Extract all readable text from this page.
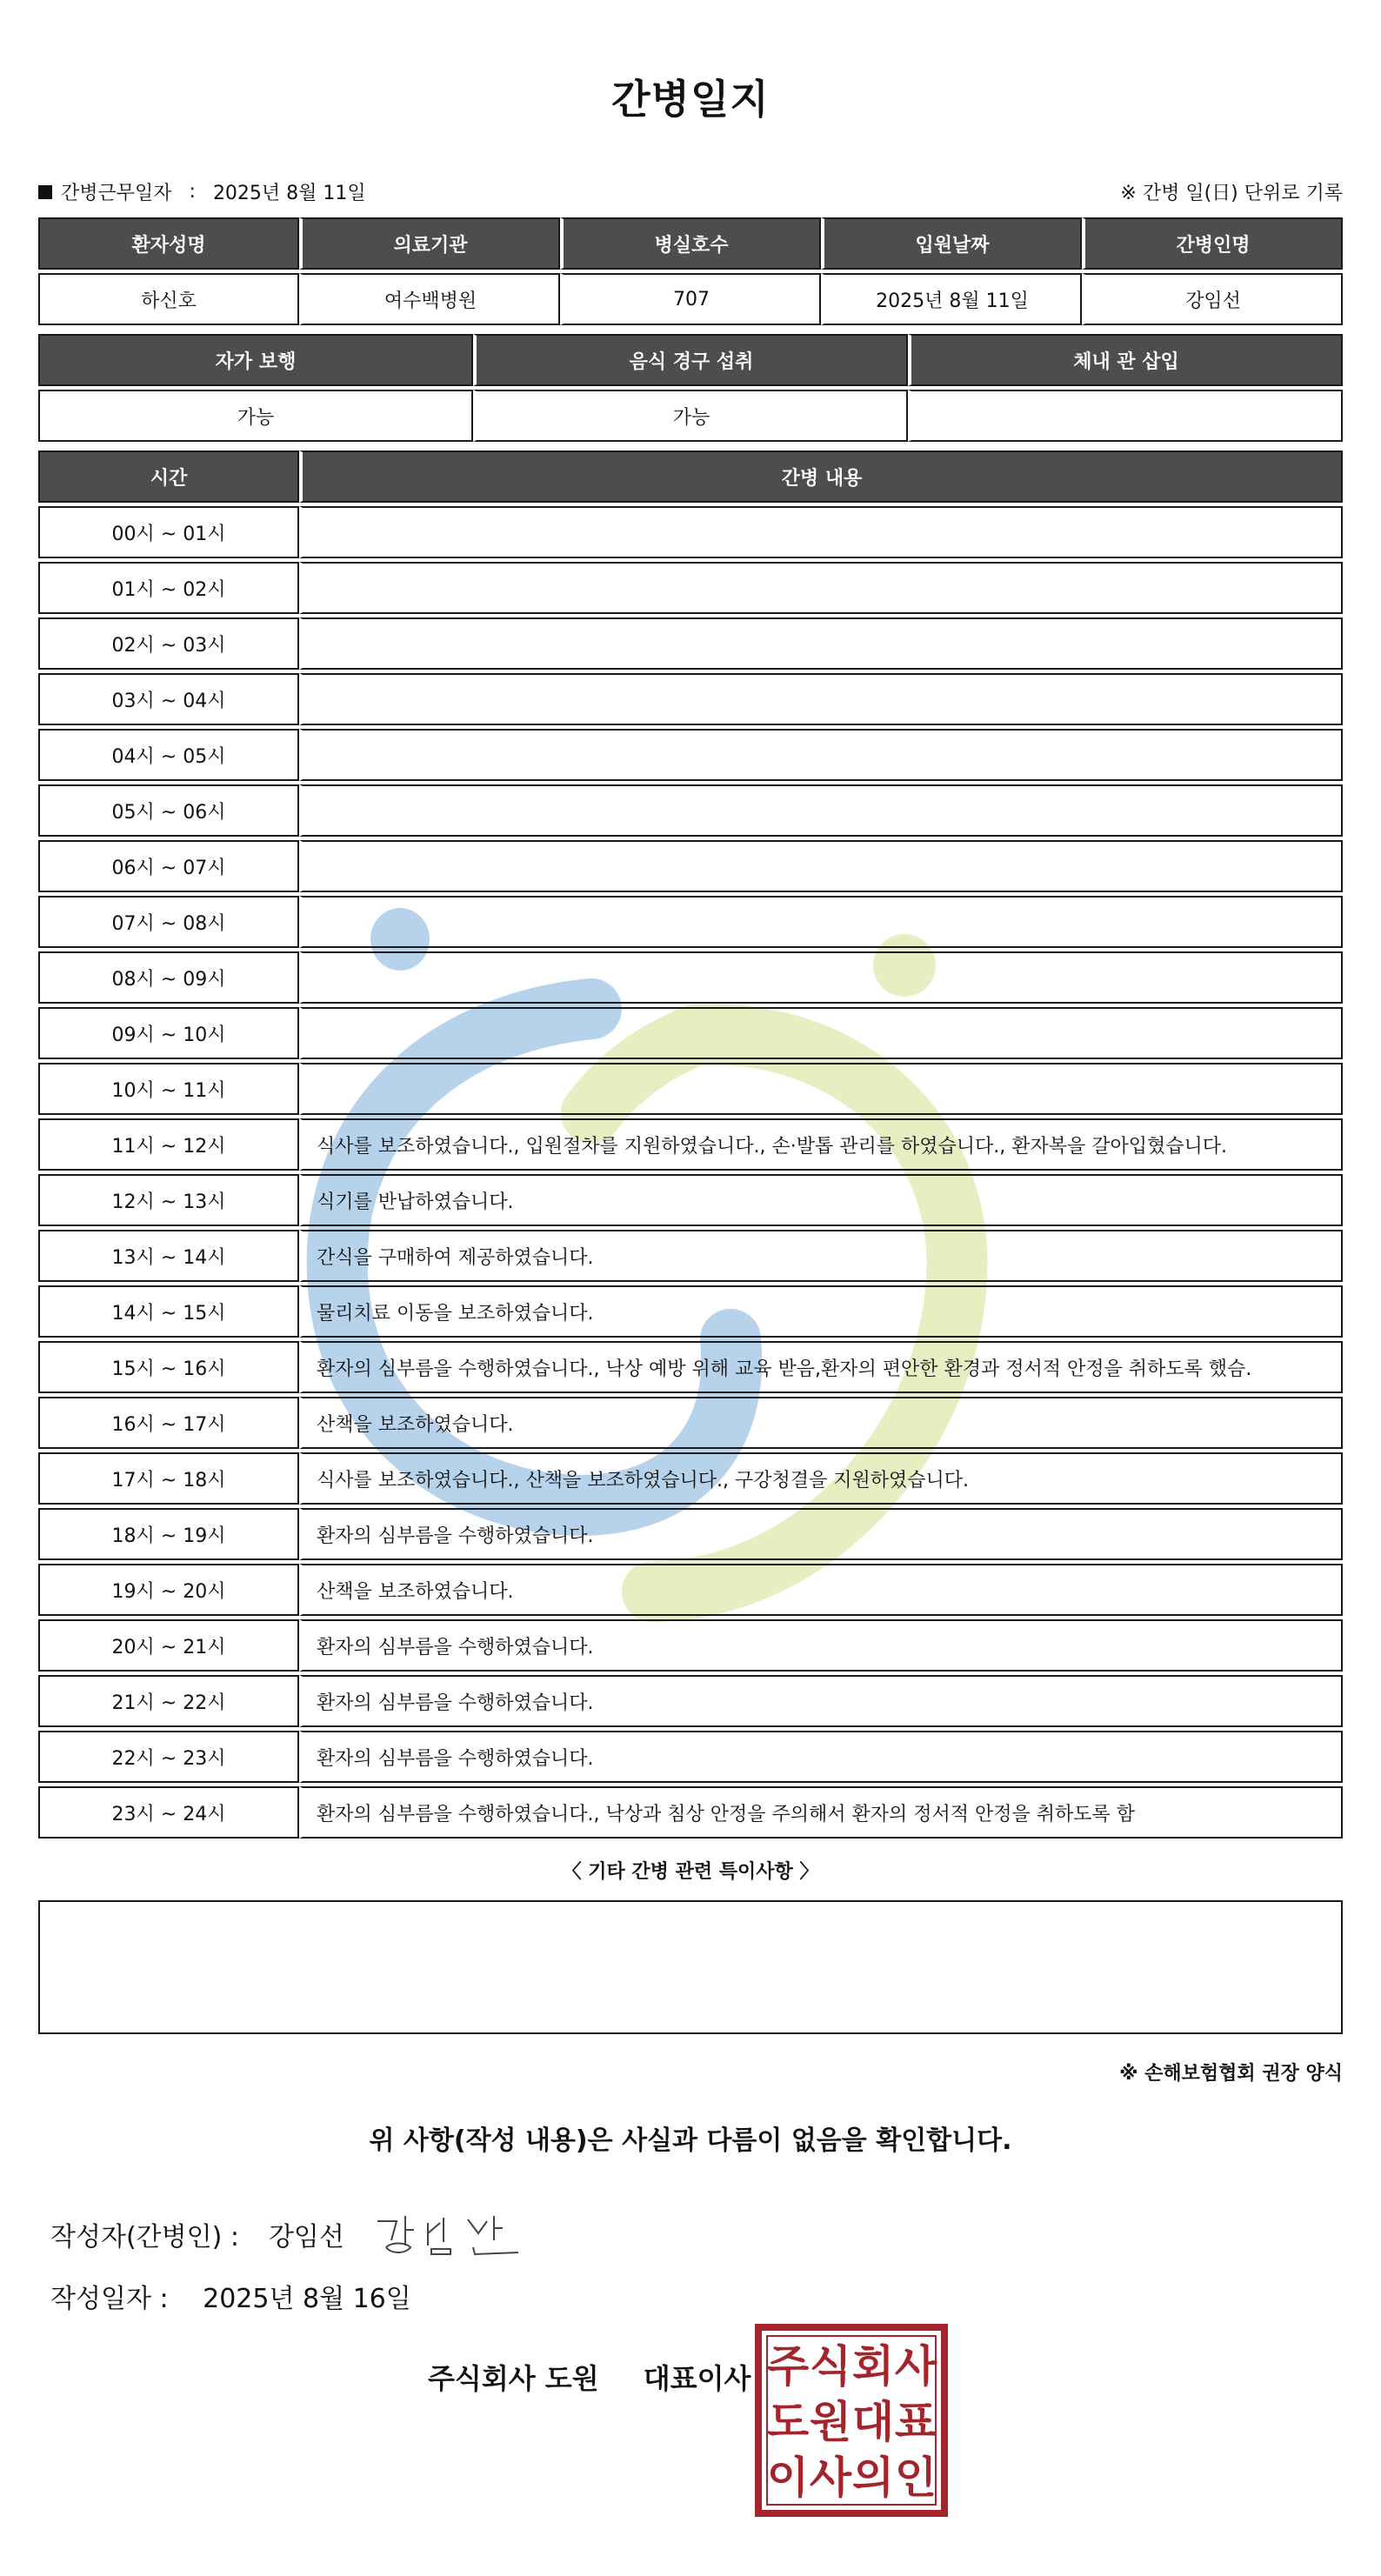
간병일지
간병근무일자 : 2025년 8월 11일	※ 간병 일(日) 단위로 기록
환자성명	의료기관	병실호수	입원날짜	간병인명
하신호	여수백병원	707	2025년 8월 11일	강임선
자가 보행	음식 경구 섭취	체내 관 삽입
가능	가능	
시간	간병 내용
00시 ~ 01시	
01시 ~ 02시	
02시 ~ 03시	
03시 ~ 04시	
04시 ~ 05시	
05시 ~ 06시	
06시 ~ 07시	
07시 ~ 08시	
08시 ~ 09시	
09시 ~ 10시	
10시 ~ 11시	
11시 ~ 12시	식사를 보조하였습니다., 입원절차를 지원하였습니다., 손·발톱 관리를 하였습니다., 환자복을 갈아입혔습니다.
12시 ~ 13시	식기를 반납하였습니다.
13시 ~ 14시	간식을 구매하여 제공하였습니다.
14시 ~ 15시	물리치료 이동을 보조하였습니다.
15시 ~ 16시	환자의 심부름을 수행하였습니다., 낙상 예방 위해 교육 받음,환자의 편안한 환경과 정서적 안정을 취하도록 했슴.
16시 ~ 17시	산책을 보조하였습니다.
17시 ~ 18시	식사를 보조하였습니다., 산책을 보조하였습니다., 구강청결을 지원하였습니다.
18시 ~ 19시	환자의 심부름을 수행하였습니다.
19시 ~ 20시	산책을 보조하였습니다.
20시 ~ 21시	환자의 심부름을 수행하였습니다.
21시 ~ 22시	환자의 심부름을 수행하였습니다.
22시 ~ 23시	환자의 심부름을 수행하였습니다.
23시 ~ 24시	환자의 심부름을 수행하였습니다., 낙상과 침상 안정을 주의해서 환자의 정서적 안정을 취하도록 함
〈 기타 간병 관련 특이사항 〉
※ 손해보험협회 권장 양식
위 사항(작성 내용)은 사실과 다름이 없음을 확인합니다.
작성자(간병인) : 강임선
작성일자 : 2025년 8월 16일
주식회사 도원 대표이사 주 식 회 사
도 원 대 표
이 사 의 인
